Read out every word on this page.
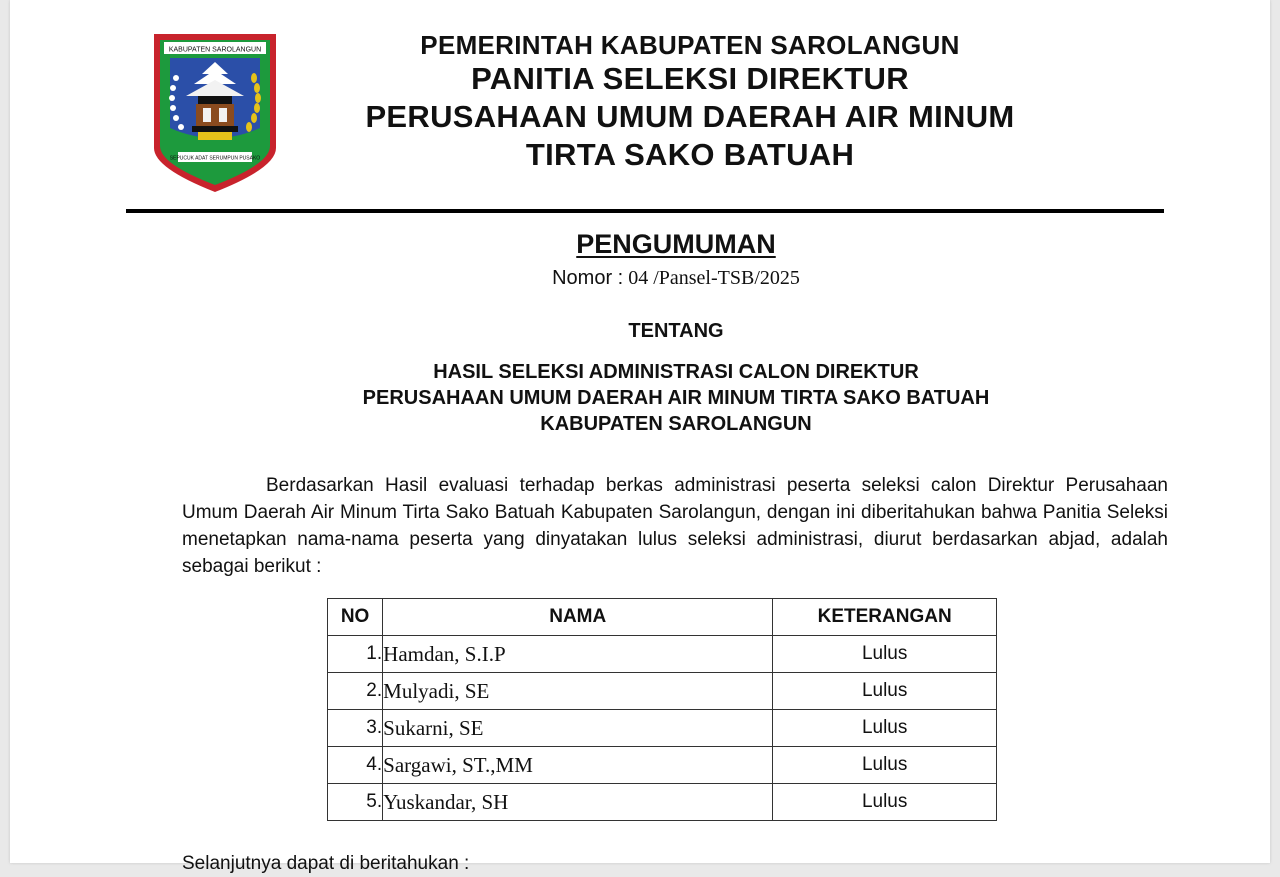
KABUPATEN SAROLANGUN
SEPUCUK ADAT SERUMPUN PUSAKO
PEMERINTAH KABUPATEN SAROLANGUN
PANITIA SELEKSI DIREKTUR
PERUSAHAAN UMUM DAERAH AIR MINUM
TIRTA SAKO BATUAH
PENGUMUMAN
Nomor : 04 /Pansel-TSB/2025
TENTANG
HASIL SELEKSI ADMINISTRASI CALON DIREKTUR
PERUSAHAAN UMUM DAERAH AIR MINUM TIRTA SAKO BATUAH
KABUPATEN SAROLANGUN
Berdasarkan Hasil evaluasi terhadap berkas administrasi peserta seleksi calon Direktur Perusahaan Umum Daerah Air Minum Tirta Sako Batuah Kabupaten Sarolangun, dengan ini diberitahukan bahwa Panitia Seleksi menetapkan nama-nama peserta yang dinyatakan lulus seleksi administrasi, diurut berdasarkan abjad, adalah sebagai berikut :
NO	NAMA	KETERANGAN
1.	Hamdan, S.I.P	Lulus
2.	Mulyadi, SE	Lulus
3.	Sukarni, SE	Lulus
4.	Sargawi, ST.,MM	Lulus
5.	Yuskandar, SH	Lulus
Selanjutnya dapat di beritahukan :
